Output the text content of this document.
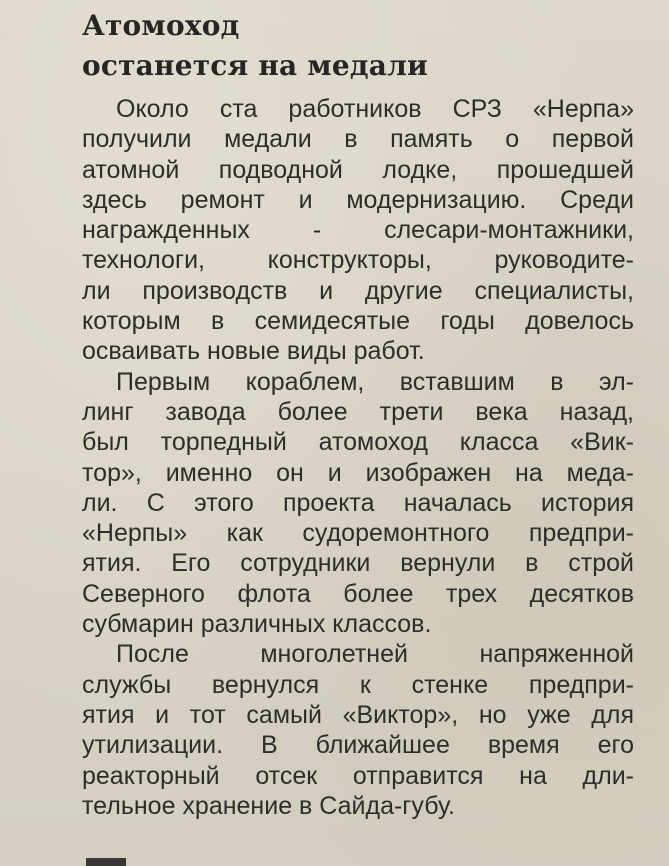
Атомоход
останется на медали
Около ста работников СРЗ «Нерпа»
получили медали в память о первой
атомной подводной лодке, прошедшей
здесь ремонт и модернизацию. Среди
награжденных - слесари-монтажники,
технологи, конструкторы, руководите-
ли производств и другие специалисты,
которым в семидесятые годы довелось
осваивать новые виды работ.
Первым кораблем, вставшим в эл-
линг завода более трети века назад,
был торпедный атомоход класса «Вик-
тор», именно он и изображен на меда-
ли. С этого проекта началась история
«Нерпы» как судоремонтного предпри-
ятия. Его сотрудники вернули в строй
Северного флота более трех десятков
субмарин различных классов.
После многолетней напряженной
службы вернулся к стенке предпри-
ятия и тот самый «Виктор», но уже для
утилизации. В ближайшее время его
реакторный отсек отправится на дли-
тельное хранение в Сайда-губу.
